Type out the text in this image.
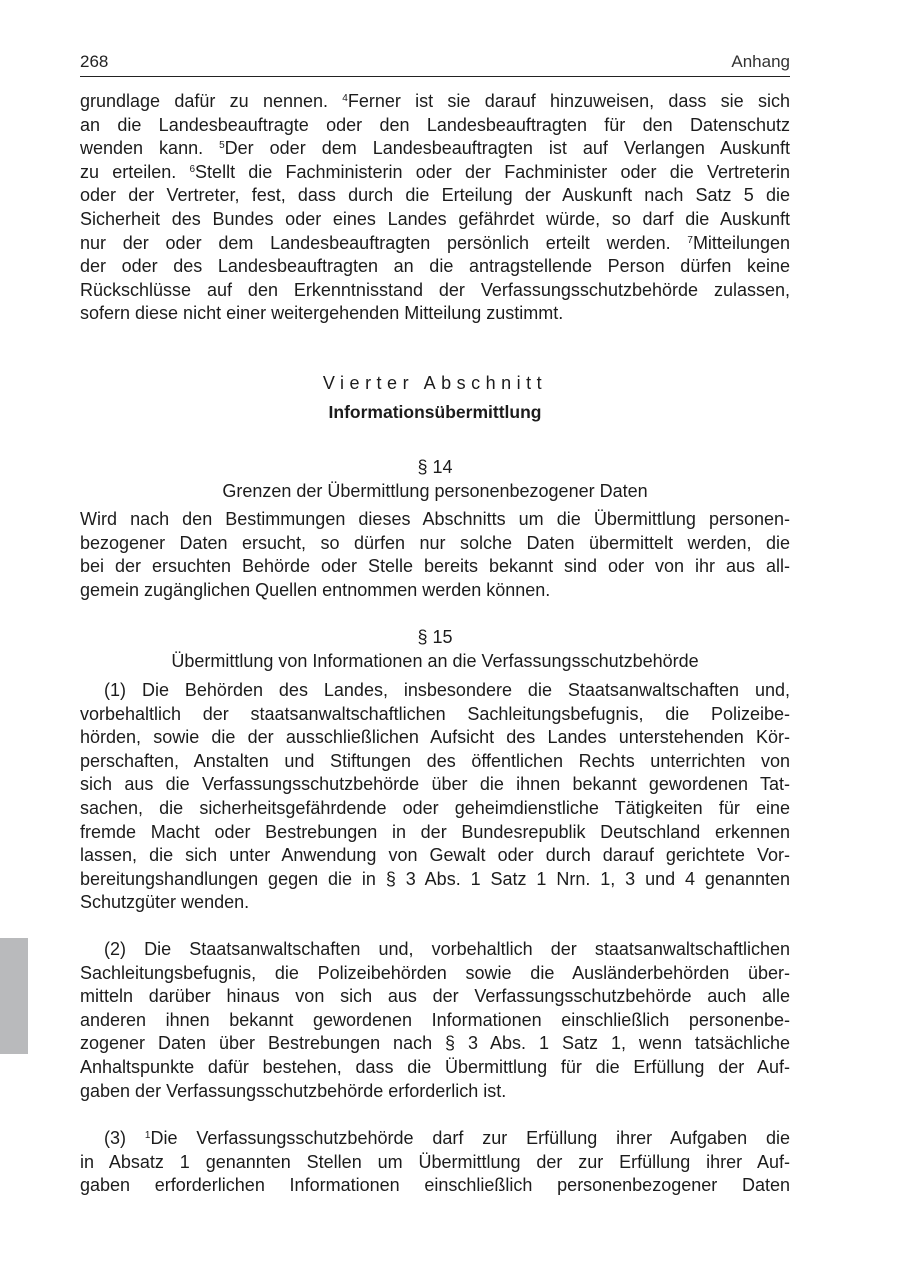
268	Anhang
grundlage dafür zu nennen. $^4$Ferner ist sie darauf hinzuweisen, dass sie sich
an die Landesbeauftragte oder den Landesbeauftragten für den Datenschutz
wenden kann. $^5$Der oder dem Landesbeauftragten ist auf Verlangen Auskunft
zu erteilen. $^6$Stellt die Fachministerin oder der Fachminister oder die Vertreterin
oder der Vertreter, fest, dass durch die Erteilung der Auskunft nach Satz 5 die
Sicherheit des Bundes oder eines Landes gefährdet würde, so darf die Auskunft
nur der oder dem Landesbeauftragten persönlich erteilt werden. $^7$Mitteilungen
der oder des Landesbeauftragten an die antragstellende Person dürfen keine
Rückschlüsse auf den Erkenntnisstand der Verfassungsschutzbehörde zulassen,
sofern diese nicht einer weitergehenden Mitteilung zustimmt.
Vierter Abschnitt
Informationsübermittlung
§ 14
Grenzen der Übermittlung personenbezogener Daten
Wird nach den Bestimmungen dieses Abschnitts um die Übermittlung personen-
bezogener Daten ersucht, so dürfen nur solche Daten übermittelt werden, die
bei der ersuchten Behörde oder Stelle bereits bekannt sind oder von ihr aus all-
gemein zugänglichen Quellen entnommen werden können.
§ 15
Übermittlung von Informationen an die Verfassungsschutzbehörde
(1) Die Behörden des Landes, insbesondere die Staatsanwaltschaften und,
vorbehaltlich der staatsanwaltschaftlichen Sachleitungsbefugnis, die Polizeibe-
hörden, sowie die der ausschließlichen Aufsicht des Landes unterstehenden Kör-
perschaften, Anstalten und Stiftungen des öffentlichen Rechts unterrichten von
sich aus die Verfassungsschutzbehörde über die ihnen bekannt gewordenen Tat-
sachen, die sicherheitsgefährdende oder geheimdienstliche Tätigkeiten für eine
fremde Macht oder Bestrebungen in der Bundesrepublik Deutschland erkennen
lassen, die sich unter Anwendung von Gewalt oder durch darauf gerichtete Vor-
bereitungshandlungen gegen die in § 3 Abs. 1 Satz 1 Nrn. 1, 3 und 4 genannten
Schutzgüter wenden.
(2) Die Staatsanwaltschaften und, vorbehaltlich der staatsanwaltschaftlichen
Sachleitungsbefugnis, die Polizeibehörden sowie die Ausländerbehörden über-
mitteln darüber hinaus von sich aus der Verfassungsschutzbehörde auch alle
anderen ihnen bekannt gewordenen Informationen einschließlich personenbe-
zogener Daten über Bestrebungen nach § 3 Abs. 1 Satz 1, wenn tatsächliche
Anhaltspunkte dafür bestehen, dass die Übermittlung für die Erfüllung der Auf-
gaben der Verfassungsschutzbehörde erforderlich ist.
(3) $^1$Die Verfassungsschutzbehörde darf zur Erfüllung ihrer Aufgaben die
in Absatz 1 genannten Stellen um Übermittlung der zur Erfüllung ihrer Auf-
gaben erforderlichen Informationen einschließlich personenbezogener Daten
